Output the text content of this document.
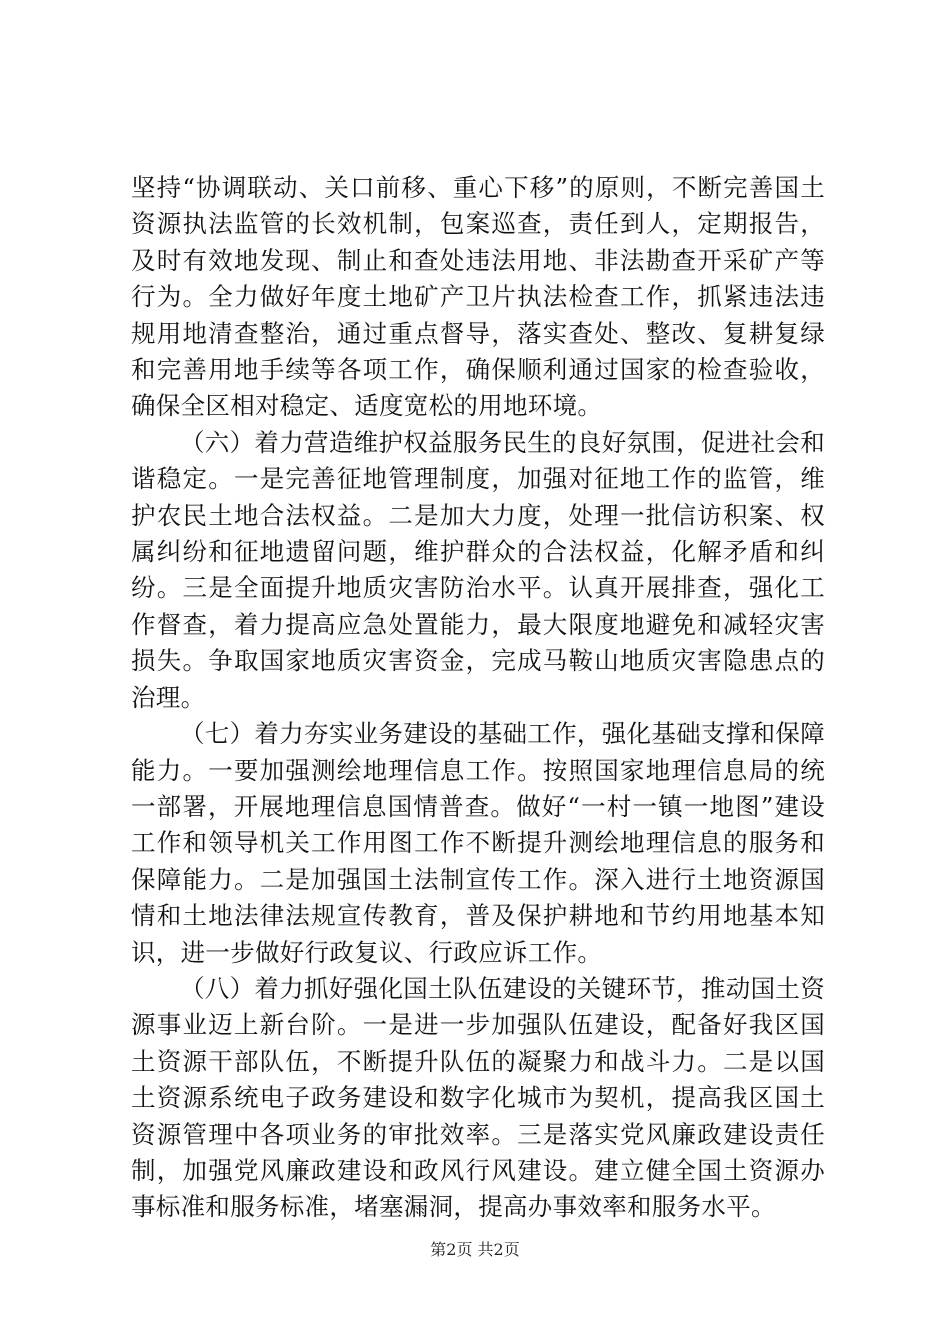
坚持“协调联动、关口前移、重心下移”的原则，不断完善国土资源执法监管的长效机制，包案巡查，责任到人，定期报告，及时有效地发现、制止和查处违法用地、非法勘查开采矿产等行为。全力做好年度土地矿产卫片执法检查工作，抓紧违法违规用地清查整治，通过重点督导，落实查处、整改、复耕复绿和完善用地手续等各项工作，确保顺利通过国家的检查验收，确保全区相对稳定、适度宽松的用地环境。

（六）着力营造维护权益服务民生的良好氛围，促进社会和谐稳定。一是完善征地管理制度，加强对征地工作的监管，维护农民土地合法权益。二是加大力度，处理一批信访积案、权属纠纷和征地遗留问题，维护群众的合法权益，化解矛盾和纠纷。三是全面提升地质灾害防治水平。认真开展排查，强化工作督查，着力提高应急处置能力，最大限度地避免和减轻灾害损失。争取国家地质灾害资金，完成马鞍山地质灾害隐患点的治理。

（七）着力夯实业务建设的基础工作，强化基础支撑和保障能力。一要加强测绘地理信息工作。按照国家地理信息局的统一部署，开展地理信息国情普查。做好“一村一镇一地图”建设工作和领导机关工作用图工作不断提升测绘地理信息的服务和保障能力。二是加强国土法制宣传工作。深入进行土地资源国情和土地法律法规宣传教育，普及保护耕地和节约用地基本知识，进一步做好行政复议、行政应诉工作。

（八）着力抓好强化国土队伍建设的关键环节，推动国土资源事业迈上新台阶。一是进一步加强队伍建设，配备好我区国土资源干部队伍，不断提升队伍的凝聚力和战斗力。二是以国土资源系统电子政务建设和数字化城市为契机，提高我区国土资源管理中各项业务的审批效率。三是落实党风廉政建设责任制，加强党风廉政建设和政风行风建设。建立健全国土资源办事标准和服务标准，堵塞漏洞，提高办事效率和服务水平。

第2页 共2页
